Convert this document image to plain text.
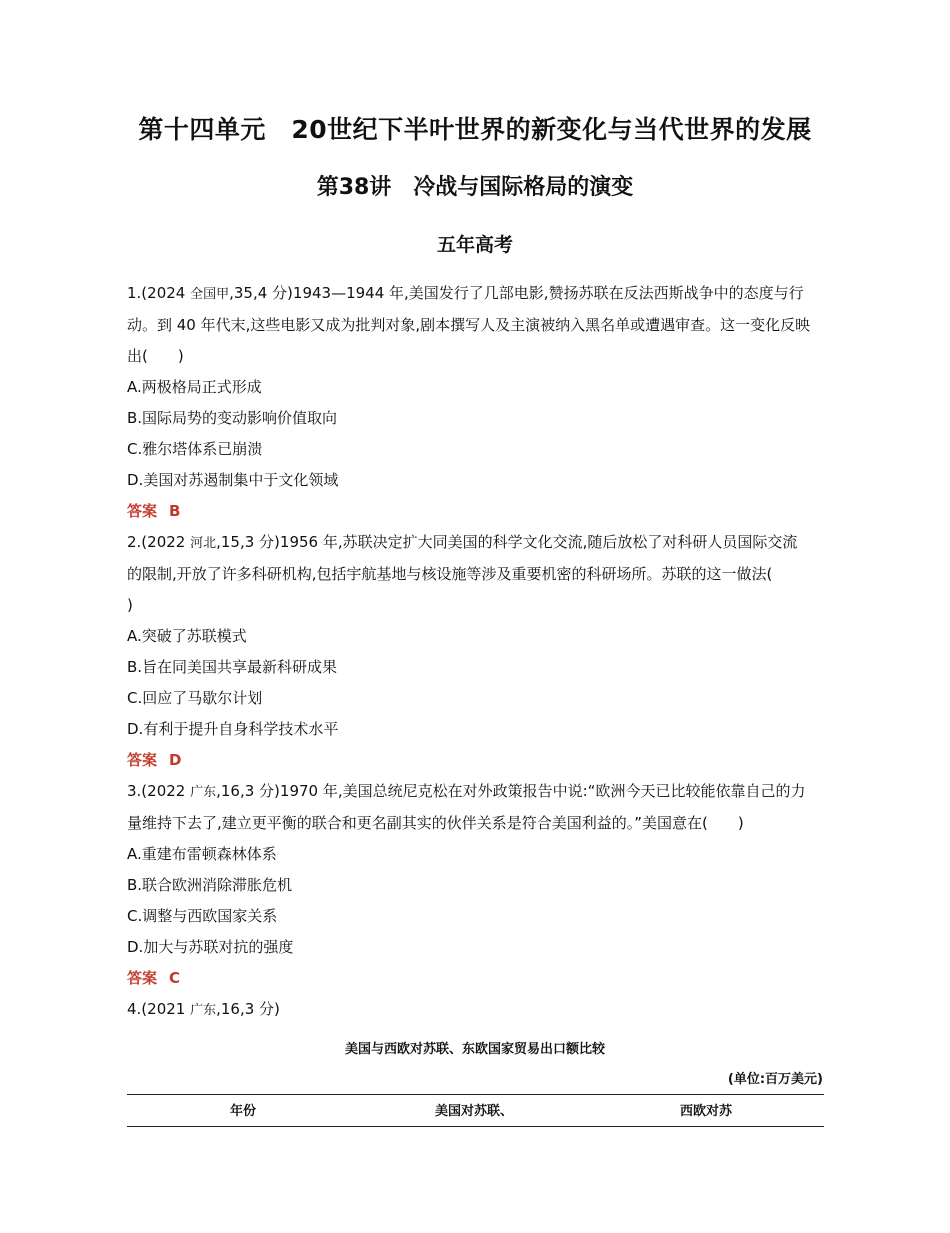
第十四单元　20世纪下半叶世界的新变化与当代世界的发展
第38讲　冷战与国际格局的演变
五年高考
1.(2024 全国甲,35,4 分)1943—1944 年,美国发行了几部电影,赞扬苏联在反法西斯战争中的态度与行
动。到 40 年代末,这些电影又成为批判对象,剧本撰写人及主演被纳入黑名单或遭遇审查。这一变化反映
出(　　)
A.两极格局正式形成
B.国际局势的变动影响价值取向
C.雅尔塔体系已崩溃
D.美国对苏遏制集中于文化领域
答案 B
2.(2022 河北,15,3 分)1956 年,苏联决定扩大同美国的科学文化交流,随后放松了对科研人员国际交流
的限制,开放了许多科研机构,包括宇航基地与核设施等涉及重要机密的科研场所。苏联的这一做法(
)
A.突破了苏联模式
B.旨在同美国共享最新科研成果
C.回应了马歇尔计划
D.有利于提升自身科学技术水平
答案 D
3.(2022 广东,16,3 分)1970 年,美国总统尼克松在对外政策报告中说:“欧洲今天已比较能依靠自己的力
量维持下去了,建立更平衡的联合和更名副其实的伙伴关系是符合美国利益的。”美国意在(　　)
A.重建布雷顿森林体系
B.联合欧洲消除滞胀危机
C.调整与西欧国家关系
D.加大与苏联对抗的强度
答案 C
4.(2021 广东,16,3 分)
美国与西欧对苏联、东欧国家贸易出口额比较
(单位:百万美元)
年份	美国对苏联、	西欧对苏
